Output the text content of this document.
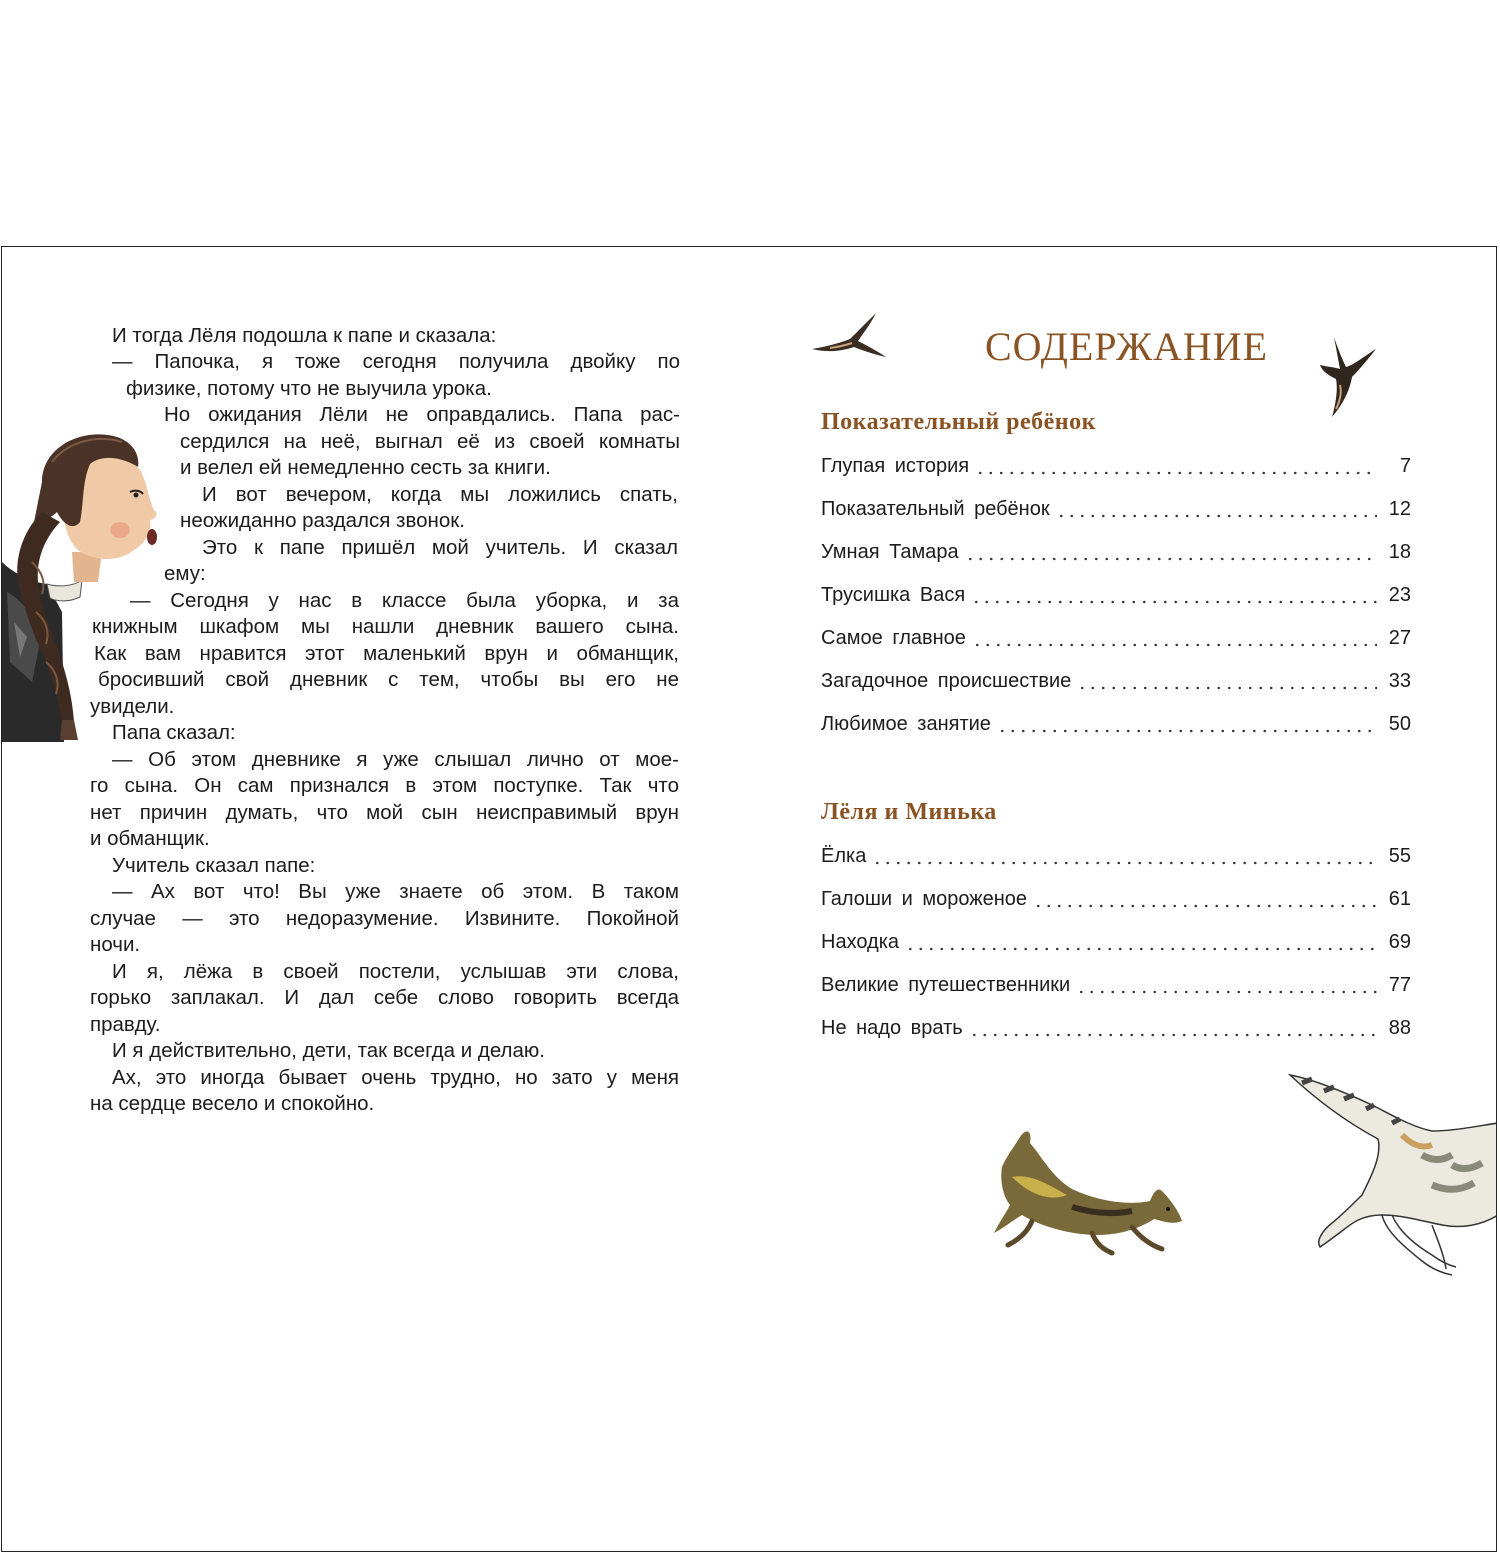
И тогда Лёля подошла к папе и сказала:
— Папочка, я тоже сегодня получила двойку по
физике, потому что не выучила урока.
Но ожидания Лёли не оправдались. Папа рас-
сердился на неё, выгнал её из своей комнаты
и велел ей немедленно сесть за книги.
И вот вечером, когда мы ложились спать,
неожиданно раздался звонок.
Это к папе пришёл мой учитель. И сказал
ему:
— Сегодня у нас в классе была уборка, и за
книжным шкафом мы нашли дневник вашего сына.
Как вам нравится этот маленький врун и обманщик,
бросивший свой дневник с тем, чтобы вы его не
увидели.
Папа сказал:
— Об этом дневнике я уже слышал лично от мое-
го сына. Он сам признался в этом поступке. Так что
нет причин думать, что мой сын неисправимый врун
и обманщик.
Учитель сказал папе:
— Ах вот что! Вы уже знаете об этом. В таком
случае — это недоразумение. Извините. Покойной
ночи.
И я, лёжа в своей постели, услышав эти слова,
горько заплакал. И дал себе слово говорить всегда
правду.
И я действительно, дети, так всегда и делаю.
Ах, это иногда бывает очень трудно, но зато у меня
на сердце весело и спокойно.
СОДЕРЖАНИЕ
Показательный ребёнок
Глупая история	7
Показательный ребёнок	12
Умная Тамара	18
Трусишка Вася	23
Самое главное	27
Загадочное происшествие	33
Любимое занятие	50
Лёля и Минька
Ёлка	55
Галоши и мороженое	61
Находка	69
Великие путешественники	77
Не надо врать	88
